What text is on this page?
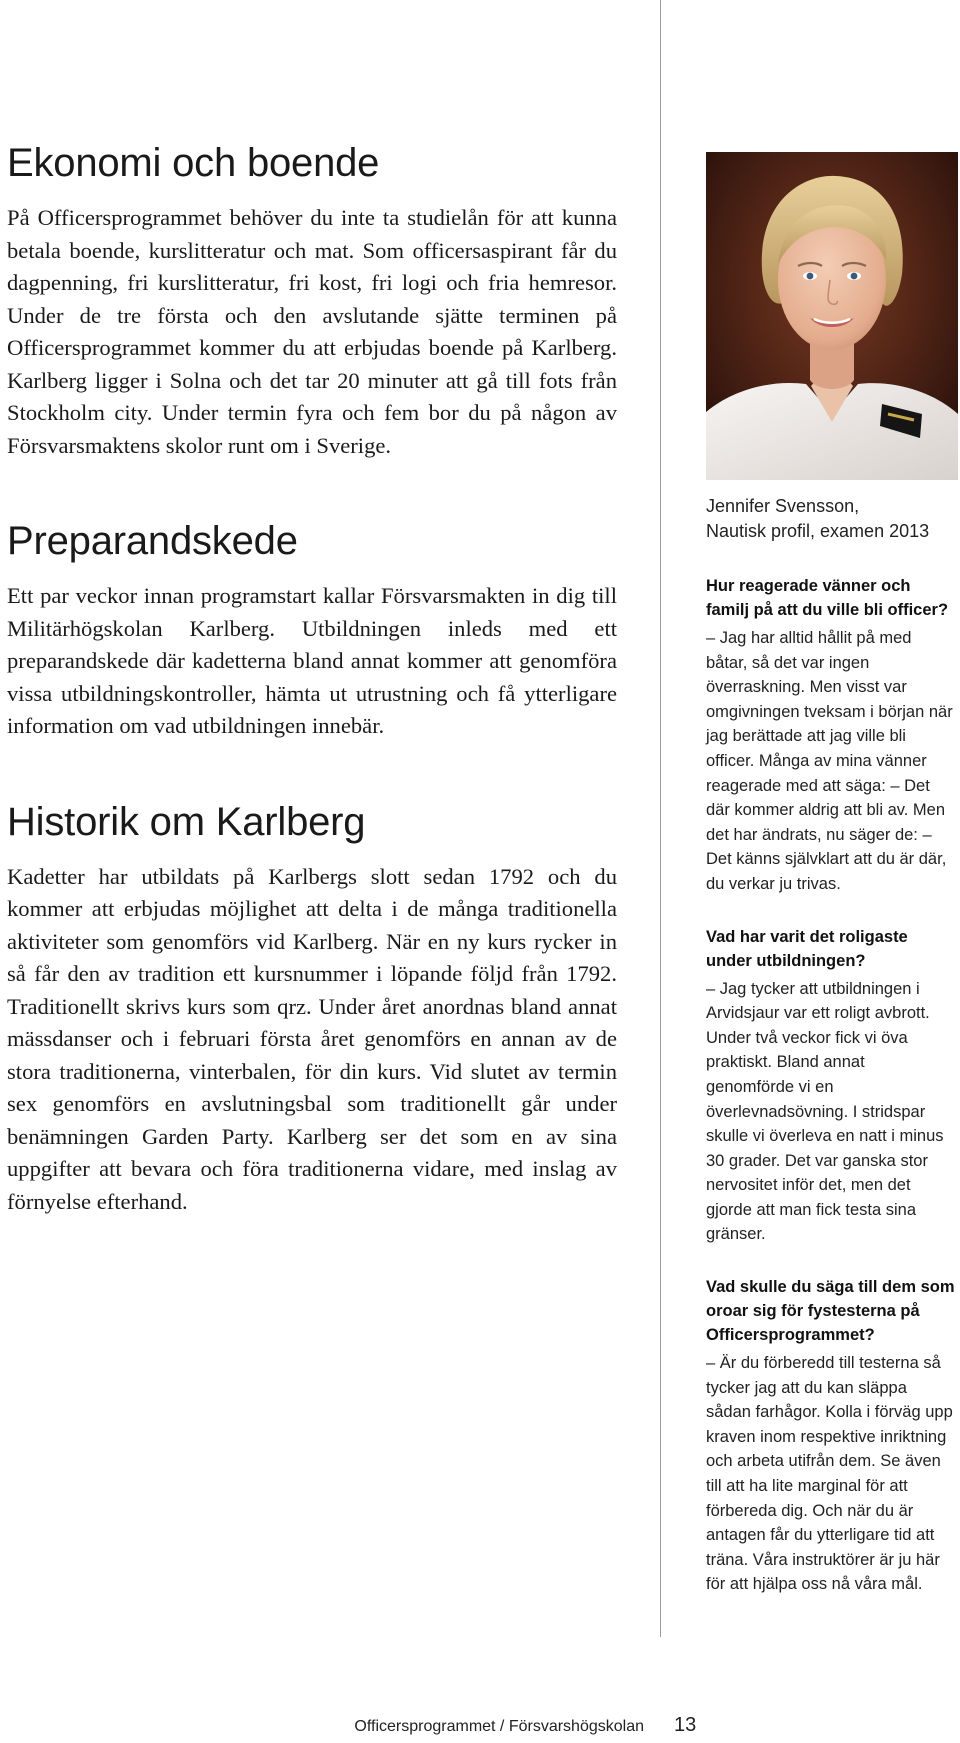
Ekonomi och boende

På Officersprogrammet behöver du inte ta studielån för att kunna betala boende, kurslitteratur och mat. Som officersaspirant får du dagpenning, fri kurslitteratur, fri kost, fri logi och fria hemresor. Under de tre första och den avslutande sjätte terminen på Officersprogrammet kommer du att erbjudas boende på Karlberg. Karlberg ligger i Solna och det tar 20 minuter att gå till fots från Stockholm city. Under termin fyra och fem bor du på någon av Försvarsmaktens skolor runt om i Sverige.

Preparandskede

Ett par veckor innan programstart kallar Försvarsmakten in dig till Militärhögskolan Karlberg. Utbildningen inleds med ett preparandskede där kadetterna bland annat kommer att genomföra vissa utbildningskontroller, hämta ut utrustning och få ytterligare information om vad utbildningen innebär.

Historik om Karlberg

Kadetter har utbildats på Karlbergs slott sedan 1792 och du kommer att erbjudas möjlighet att delta i de många traditionella aktiviteter som genomförs vid Karlberg. När en ny kurs rycker in så får den av tradition ett kursnummer i löpande följd från 1792. Traditionellt skrivs kurs som qrz. Under året anordnas bland annat mässdanser och i februari första året genomförs en annan av de stora traditionerna, vinterbalen, för din kurs. Vid slutet av termin sex genomförs en avslutningsbal som traditionellt går under benämningen Garden Party. Karlberg ser det som en av sina uppgifter att bevara och föra traditionerna vidare, med inslag av förnyelse efterhand.

Jennifer Svensson,
Nautisk profil, examen 2013

Hur reagerade vänner och familj på att du ville bli officer?

– Jag har alltid hållit på med båtar, så det var ingen överraskning. Men visst var omgivningen tveksam i början när jag berättade att jag ville bli officer. Många av mina vänner reagerade med att säga: – Det där kommer aldrig att bli av. Men det har ändrats, nu säger de: – Det känns självklart att du är där, du verkar ju trivas.

Vad har varit det roligaste under utbildningen?

– Jag tycker att utbildningen i Arvidsjaur var ett roligt avbrott. Under två veckor fick vi öva praktiskt. Bland annat genomförde vi en överlevnadsövning. I stridspar skulle vi överleva en natt i minus 30 grader. Det var ganska stor nervositet inför det, men det gjorde att man fick testa sina gränser.

Vad skulle du säga till dem som oroar sig för fystesterna på Officersprogrammet?

– Är du förberedd till testerna så tycker jag att du kan släppa sådan farhågor. Kolla i förväg upp kraven inom respektive inriktning och arbeta utifrån dem. Se även till att ha lite marginal för att förbereda dig. Och när du är antagen får du ytterligare tid att träna. Våra instruktörer är ju här för att hjälpa oss nå våra mål.

Officersprogrammet / Försvarshögskolan 13
